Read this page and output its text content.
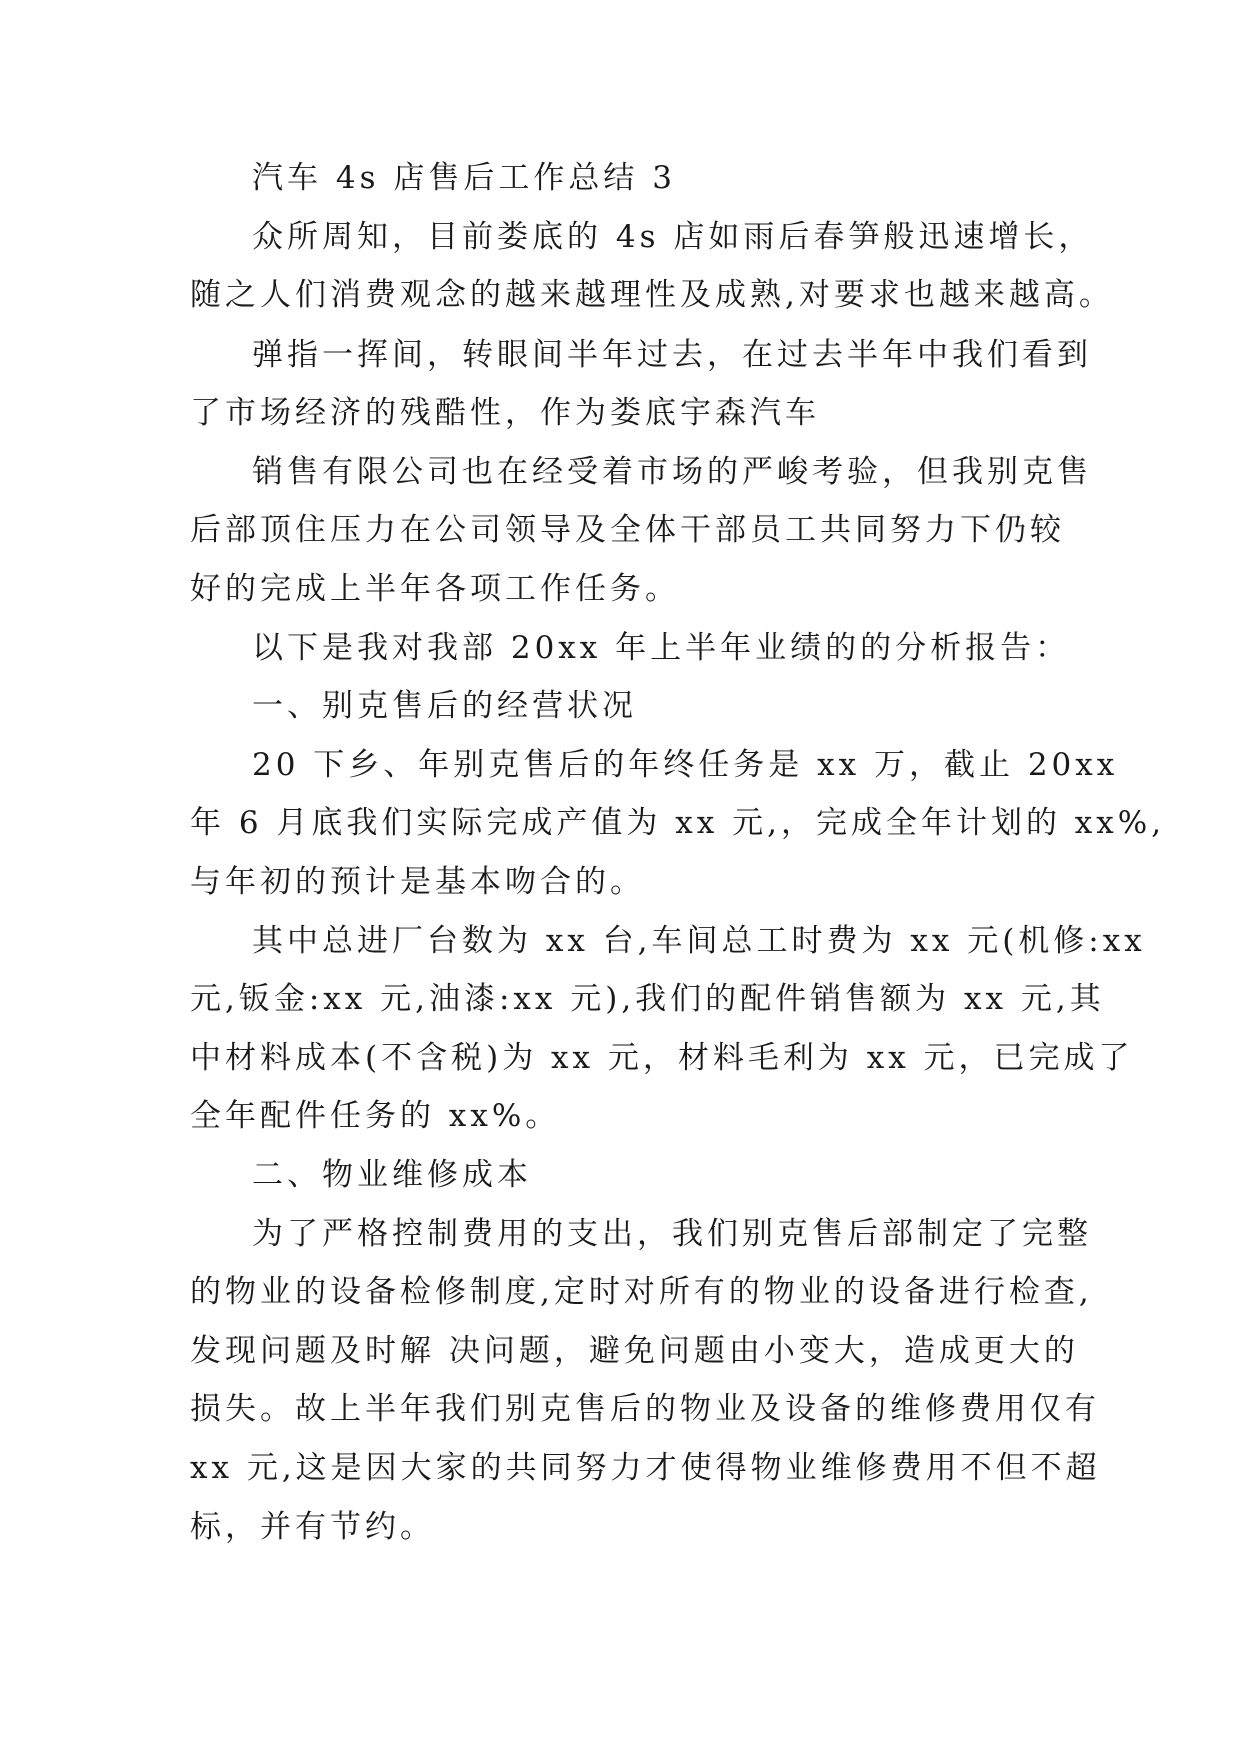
汽车 4s 店售后工作总结 3
众所周知，目前娄底的 4s 店如雨后春笋般迅速增长，
随之人们消费观念的越来越理性及成熟,对要求也越来越高。
弹指一挥间，转眼间半年过去，在过去半年中我们看到
了市场经济的残酷性，作为娄底宇森汽车
销售有限公司也在经受着市场的严峻考验，但我别克售
后部顶住压力在公司领导及全体干部员工共同努力下仍较
好的完成上半年各项工作任务。
以下是我对我部 20xx 年上半年业绩的的分析报告：
一、别克售后的经营状况
20 下乡、年别克售后的年终任务是 xx 万，截止 20xx
年 6 月底我们实际完成产值为 xx 元,，完成全年计划的 xx%,
与年初的预计是基本吻合的。
其中总进厂台数为 xx 台,车间总工时费为 xx 元(机修:xx
元,钣金:xx 元,油漆:xx 元),我们的配件销售额为 xx 元,其
中材料成本(不含税)为 xx 元，材料毛利为 xx 元，已完成了
全年配件任务的 xx%。
二、物业维修成本
为了严格控制费用的支出，我们别克售后部制定了完整
的物业的设备检修制度,定时对所有的物业的设备进行检查,
发现问题及时解 决问题，避免问题由小变大，造成更大的
损失。故上半年我们别克售后的物业及设备的维修费用仅有
xx 元,这是因大家的共同努力才使得物业维修费用不但不超
标，并有节约。
